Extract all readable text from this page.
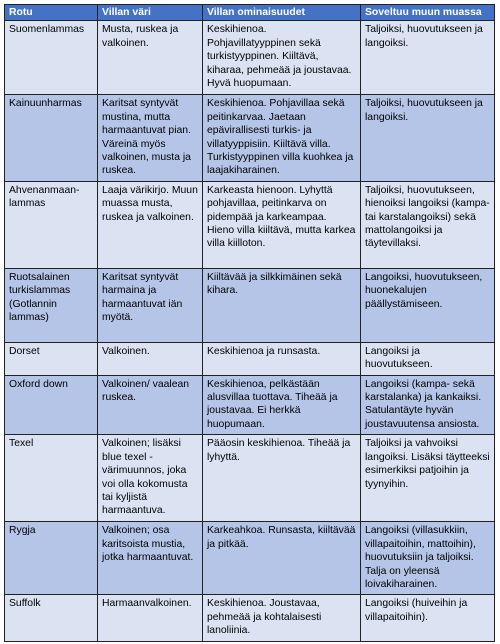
Rotu	Villan väri	Villan ominaisuudet	Soveltuu muun muassa
Suomenlammas	Musta, ruskea ja valkoinen.	Keskihienoa. Pohjavillatyyppinen sekä turkistyyppinen. Kiiltävä, kiharaa, pehmeää ja joustavaa. Hyvä huopumaan.	Taljoiksi, huovutukseen ja langoiksi.
Kainuunharmas	Karitsat syntyvät mustina, mutta harmaantuvat pian. Väreinä myös valkoinen, musta ja ruskea.	Keskihienoa. Pohjavillaa sekä peitinkarvaa. Jaetaan epävirallisesti turkis- ja villatyyppisiin. Kiiltävä villa. Turkistyyppinen villa kuohkea ja laajakiharainen.	Taljoiksi, huovutukseen ja langoiksi.
Ahvenanmaan-lammas	Laaja värikirjo. Muun muassa musta, ruskea ja valkoinen.	Karkeasta hienoon. Lyhyttä pohjavillaa, peitinkarva on pidempää ja karkeampaa. Hieno villa kiiltävä, mutta karkea villa kiilloton.	Taljoiksi, huovutukseen, hienoiksi langoiksi (kampa- tai karstalangoiksi) sekä mattolangoiksi ja täytevillaksi.
Ruotsalainen turkislammas (Gotlannin lammas)	Karitsat syntyvät harmaina ja harmaantuvat iän myötä.	Kiiltävää ja silkkimäinen sekä kihara.	Langoiksi, huovutukseen, huonekalujen päällystämiseen.
Dorset	Valkoinen.	Keskihienoa ja runsasta.	Langoiksi ja huovutukseen.
Oxford down	Valkoinen/ vaalean ruskea.	Keskihienoa, pelkästään alusvillaa tuottava. Tiheää ja joustavaa. Ei herkkä huopumaan.	Langoiksi (kampa- sekä karstalanka) ja kankaiksi. Satulantäyte hyvän joustavuutensa ansiosta.
Texel	Valkoinen; lisäksi blue texel -värimuunnos, joka voi olla kokomusta tai kyljistä harmaantuva.	Pääosin keskihienoa. Tiheää ja lyhyttä.	Taljoiksi ja vahvoiksi langoiksi. Lisäksi täytteeksi esimerkiksi patjoihin ja tyynyihin.
Rygja	Valkoinen; osa karitsoista mustia, jotka harmaantuvat.	Karkeahkoa. Runsasta, kiiltävää ja pitkää.	Langoiksi (villasukkiin, villapaitoihin, mattoihin), huovutuksiin ja taljoiksi. Talja on yleensä loivakiharainen.
Suffolk	Harmaanvalkoinen.	Keskihienoa. Joustavaa, pehmeää ja kohtalaisesti lanoliinia.	Langoiksi (huiveihin ja villapaitoihin).
